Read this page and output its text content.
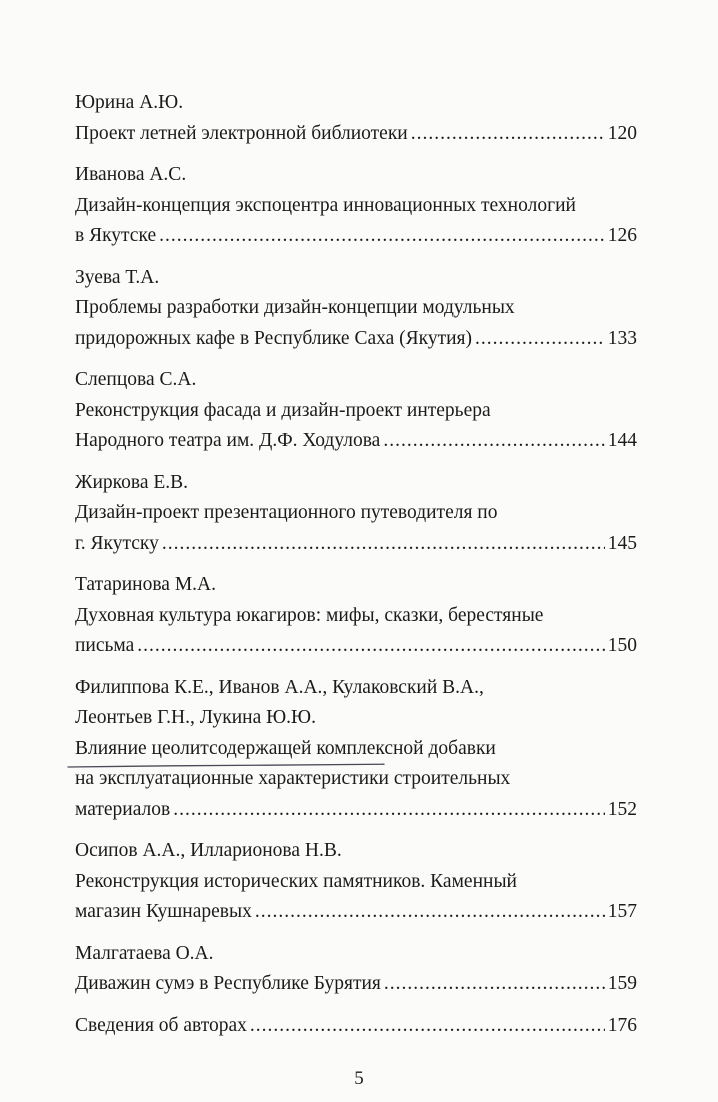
Юрина А.Ю.
Проект летней электронной библиотеки .....	120
Иванова А.С.
Дизайн-концепция экспоцентра инновационных технологий
в Якутске .....	126
Зуева Т.А.
Проблемы разработки дизайн-концепции модульных
придорожных кафе в Республике Саха (Якутия) .....	133
Слепцова С.А.
Реконструкция фасада и дизайн-проект интерьера
Народного театра им. Д.Ф. Ходулова .....	144
Жиркова Е.В.
Дизайн-проект презентационного путеводителя по
г. Якутску .....	145
Татаринова М.А.
Духовная культура юкагиров: мифы, сказки, берестяные
письма .....	150
Филиппова К.Е., Иванов А.А., Кулаковский В.А.,
Леонтьев Г.Н., Лукина Ю.Ю.
Влияние цеолитсодержащей комплексной добавки
на эксплуатационные характеристики строительных
материалов .....	152
Осипов А.А., Илларионова Н.В.
Реконструкция исторических памятников. Каменный
магазин Кушнаревых .....	157
Малгатаева О.А.
Диважин сумэ в Республике Бурятия .....	159
Сведения об авторах .....	176
5
